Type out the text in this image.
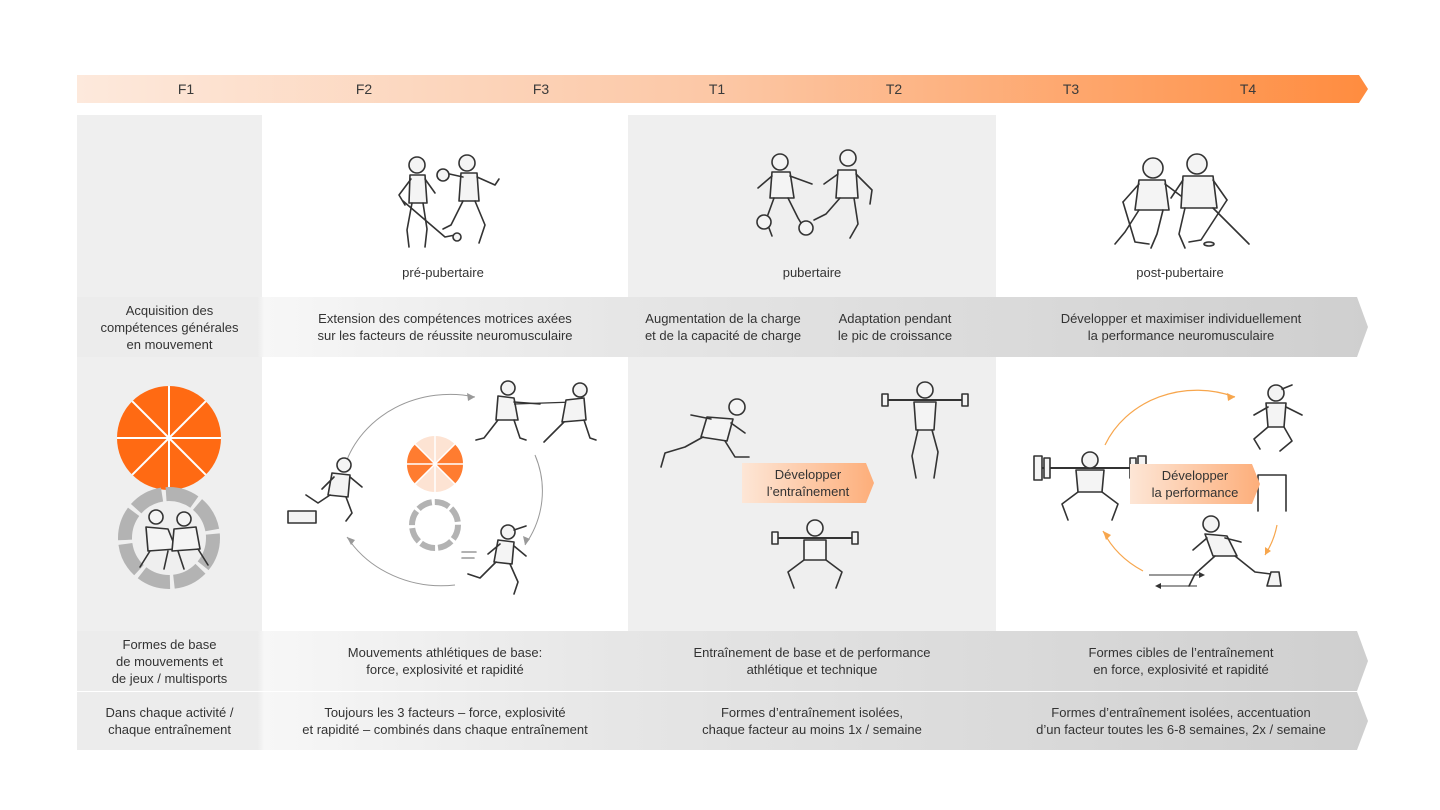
F1	F2	F3	T1	T2	T3	T4
pré-pubertaire	pubertaire	post-pubertaire
Acquisition des
compétences générales
en mouvement
Extension des compétences motrices axées
sur les facteurs de réussite neuromusculaire
Augmentation de la charge
et de la capacité de charge
Adaptation pendant
le pic de croissance
Développer et maximiser individuellement
la performance neuromusculaire
Formes de base
de mouvements et
de jeux / multisports
Mouvements athlétiques de base:
force, explosivité et rapidité
Entraînement de base et de performance
athlétique et technique
Formes cibles de l’entraînement
en force, explosivité et rapidité
Dans chaque activité /
chaque entraînement
Toujours les 3 facteurs – force, explosivité
et rapidité – combinés dans chaque entraînement
Formes d’entraînement isolées,
chaque facteur au moins 1x / semaine
Formes d’entraînement isolées, accentuation
d’un facteur toutes les 6-8 semaines, 2x / semaine
Développer
l’entraînement
Développer
la performance
